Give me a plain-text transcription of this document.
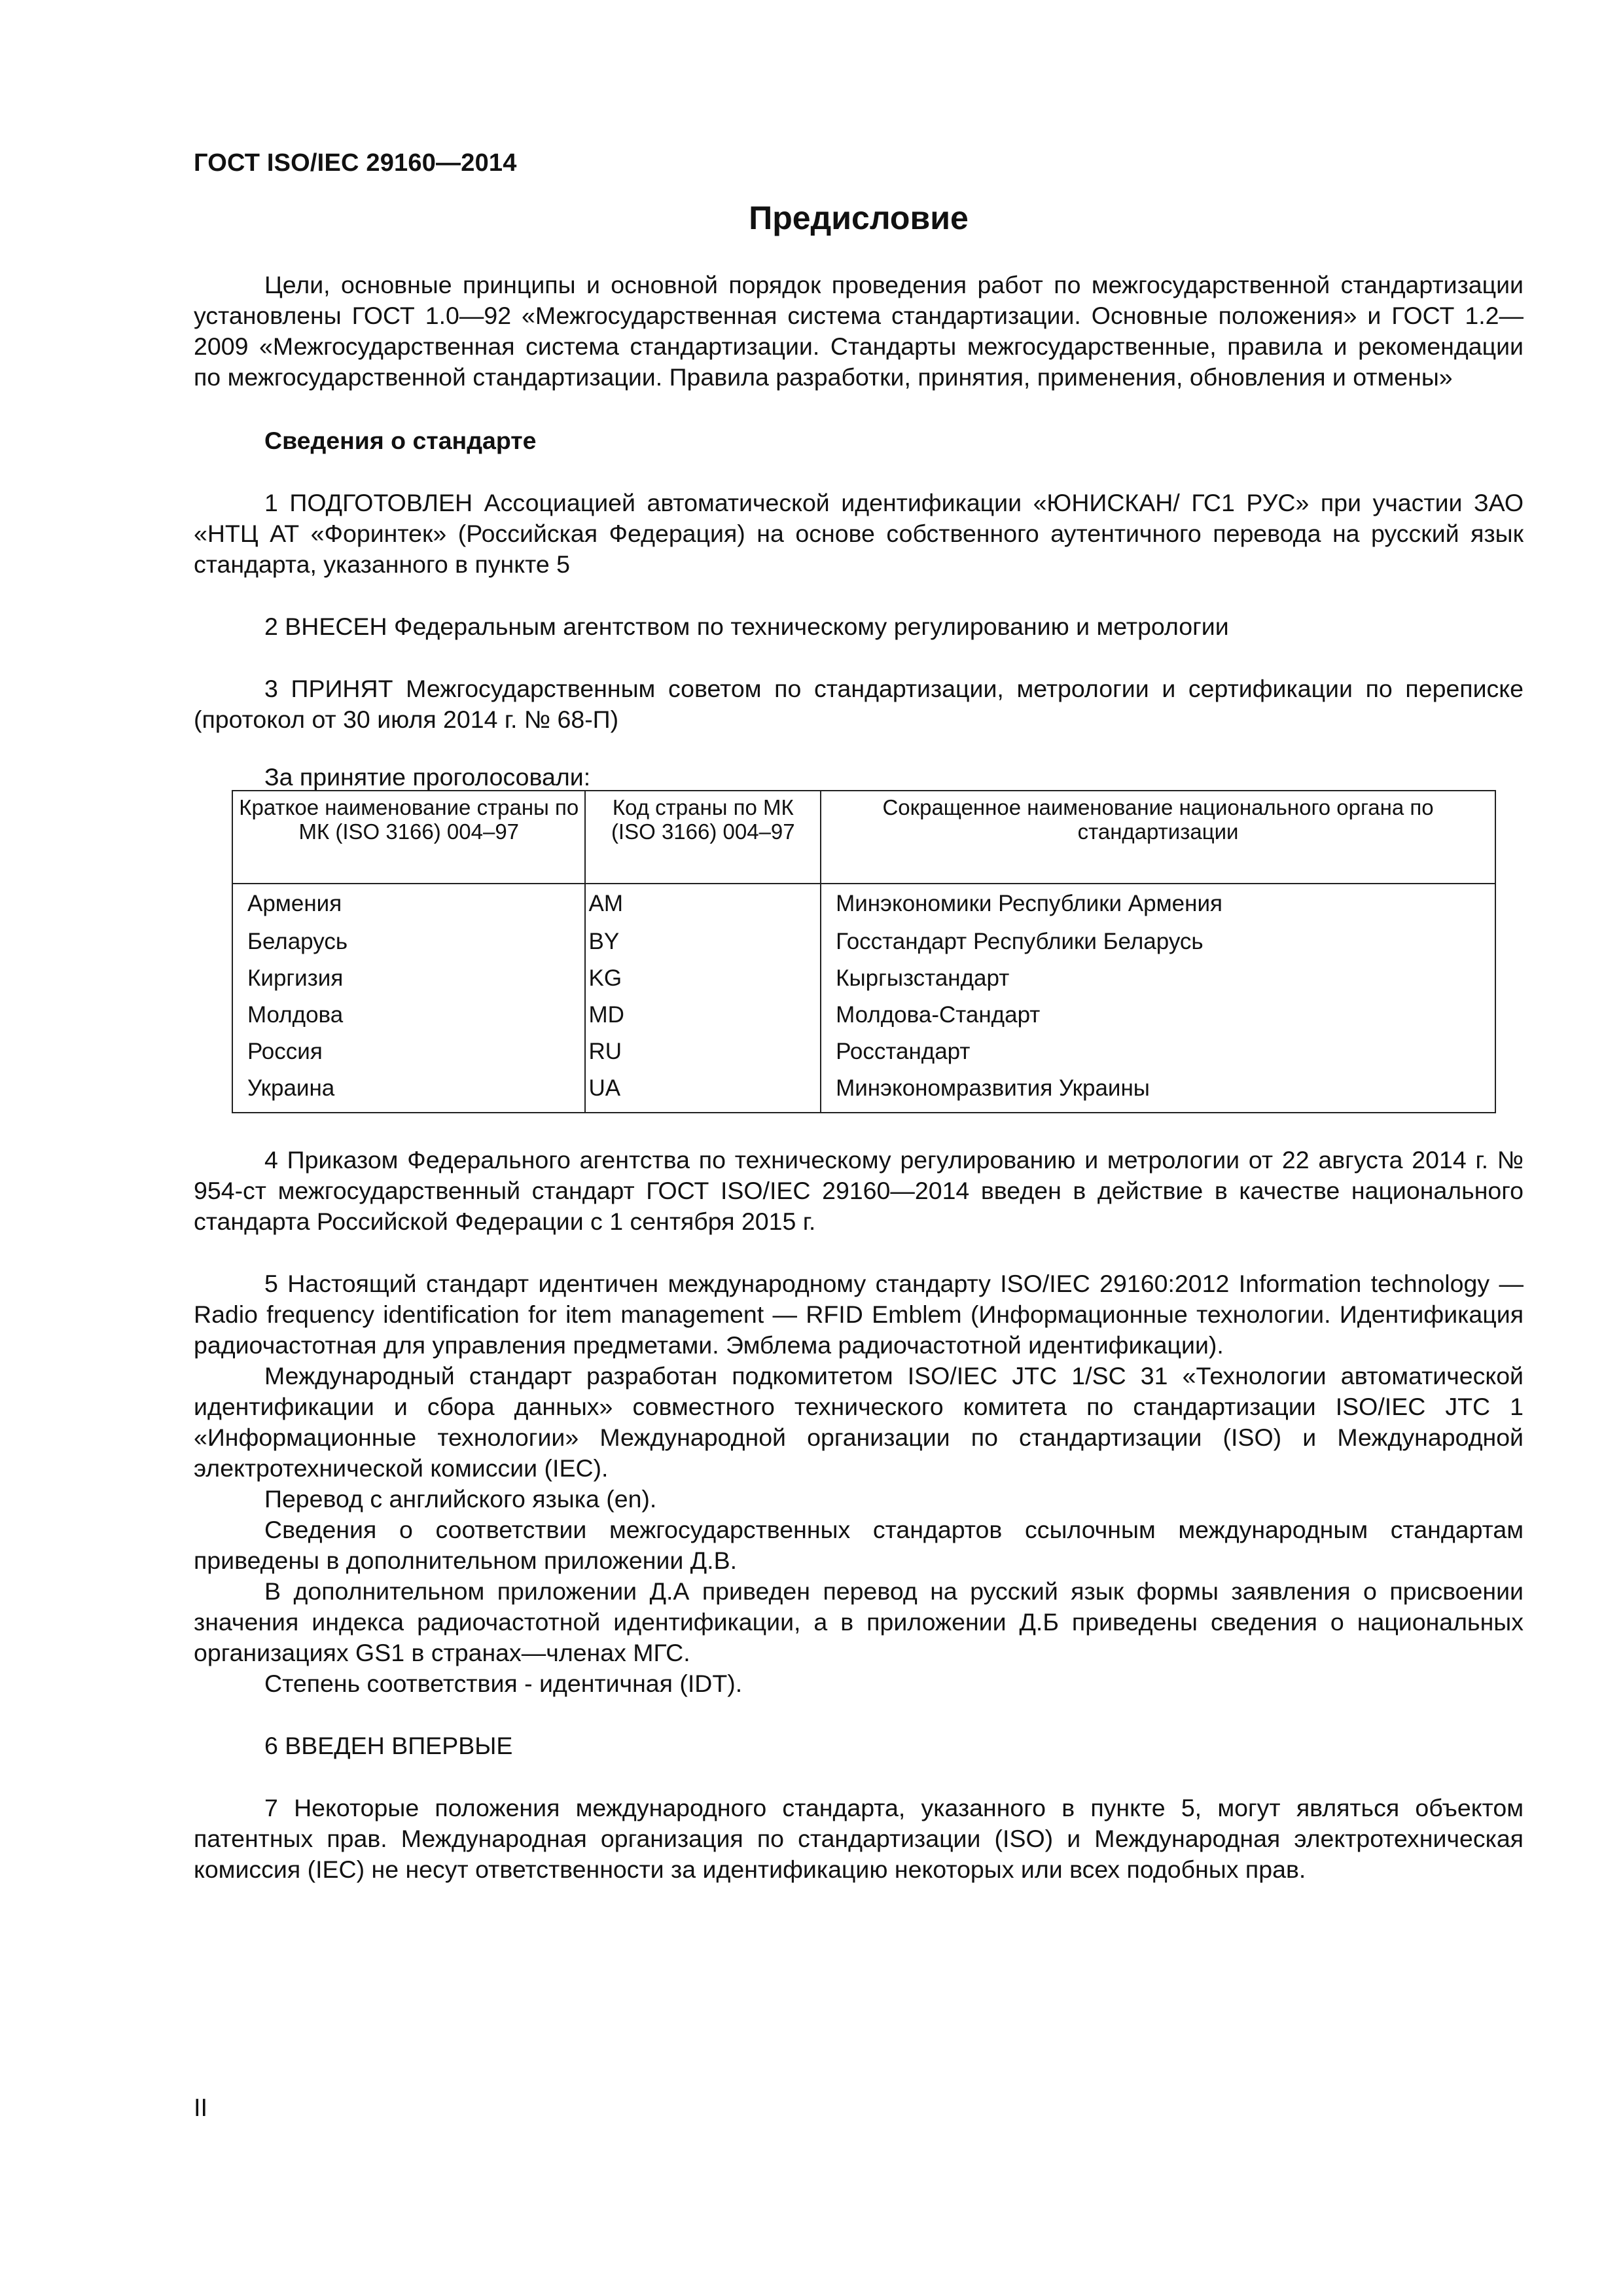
ГОСТ ISO/IEC 29160—2014
Предисловие

Цели, основные принципы и основной порядок проведения работ по межгосударственной стандартизации установлены ГОСТ 1.0—92 «Межгосударственная система стандартизации. Основные положения» и ГОСТ 1.2—2009 «Межгосударственная система стандартизации. Стандарты межгосударственные, правила и рекомендации по межгосударственной стандартизации. Правила разработки, принятия, применения, обновления и отмены»

Сведения о стандарте

1 ПОДГОТОВЛЕН Ассоциацией автоматической идентификации «ЮНИСКАН/ ГС1 РУС» при участии ЗАО «НТЦ АТ «Форинтек» (Российская Федерация) на основе собственного аутентичного перевода на русский язык стандарта, указанного в пункте 5

2 ВНЕСЕН Федеральным агентством по техническому регулированию и метрологии

3 ПРИНЯТ Межгосударственным советом по стандартизации, метрологии и сертификации по переписке (протокол от 30 июля 2014 г. № 68-П)

За принятие проголосовали:

Краткое наименование страны по МК (ISO 3166) 004–97	Код страны по МК (ISO 3166) 004–97	Сокращенное наименование национального органа по стандартизации
Армения	AM	Минэкономики Республики Армения
Беларусь	BY	Госстандарт Республики Беларусь
Киргизия	KG	Кыргызстандарт
Молдова	MD	Молдова-Стандарт
Россия	RU	Росстандарт
Украина	UA	Минэкономразвития Украины

4 Приказом Федерального агентства по техническому регулированию и метрологии от 22 августа 2014 г. № 954-ст межгосударственный стандарт ГОСТ ISO/IEC 29160—2014 введен в действие в качестве национального стандарта Российской Федерации с 1 сентября 2015 г.

5 Настоящий стандарт идентичен международному стандарту ISO/IEC 29160:2012 Information technology — Radio frequency identification for item management — RFID Emblem (Информационные технологии. Идентификация радиочастотная для управления предметами. Эмблема радиочастотной идентификации).

Международный стандарт разработан подкомитетом ISO/IEC JTC 1/SC 31 «Технологии автоматической идентификации и сбора данных» совместного технического комитета по стандартизации ISO/IEC JTC 1 «Информационные технологии» Международной организации по стандартизации (ISO) и Международной электротехнической комиссии (IEC).

Перевод с английского языка (en).

Сведения о соответствии межгосударственных стандартов ссылочным международным стандартам приведены в дополнительном приложении Д.В.

В дополнительном приложении Д.А приведен перевод на русский язык формы заявления о присвоении значения индекса радиочастотной идентификации, а в приложении Д.Б приведены сведения о национальных организациях GS1 в странах—членах МГС.

Степень соответствия - идентичная (IDT).

6 ВВЕДЕН ВПЕРВЫЕ

7 Некоторые положения международного стандарта, указанного в пункте 5, могут являться объектом патентных прав. Международная организация по стандартизации (ISO) и Международная электротехническая комиссия (IEC) не несут ответственности за идентификацию некоторых или всех подобных прав.

II
